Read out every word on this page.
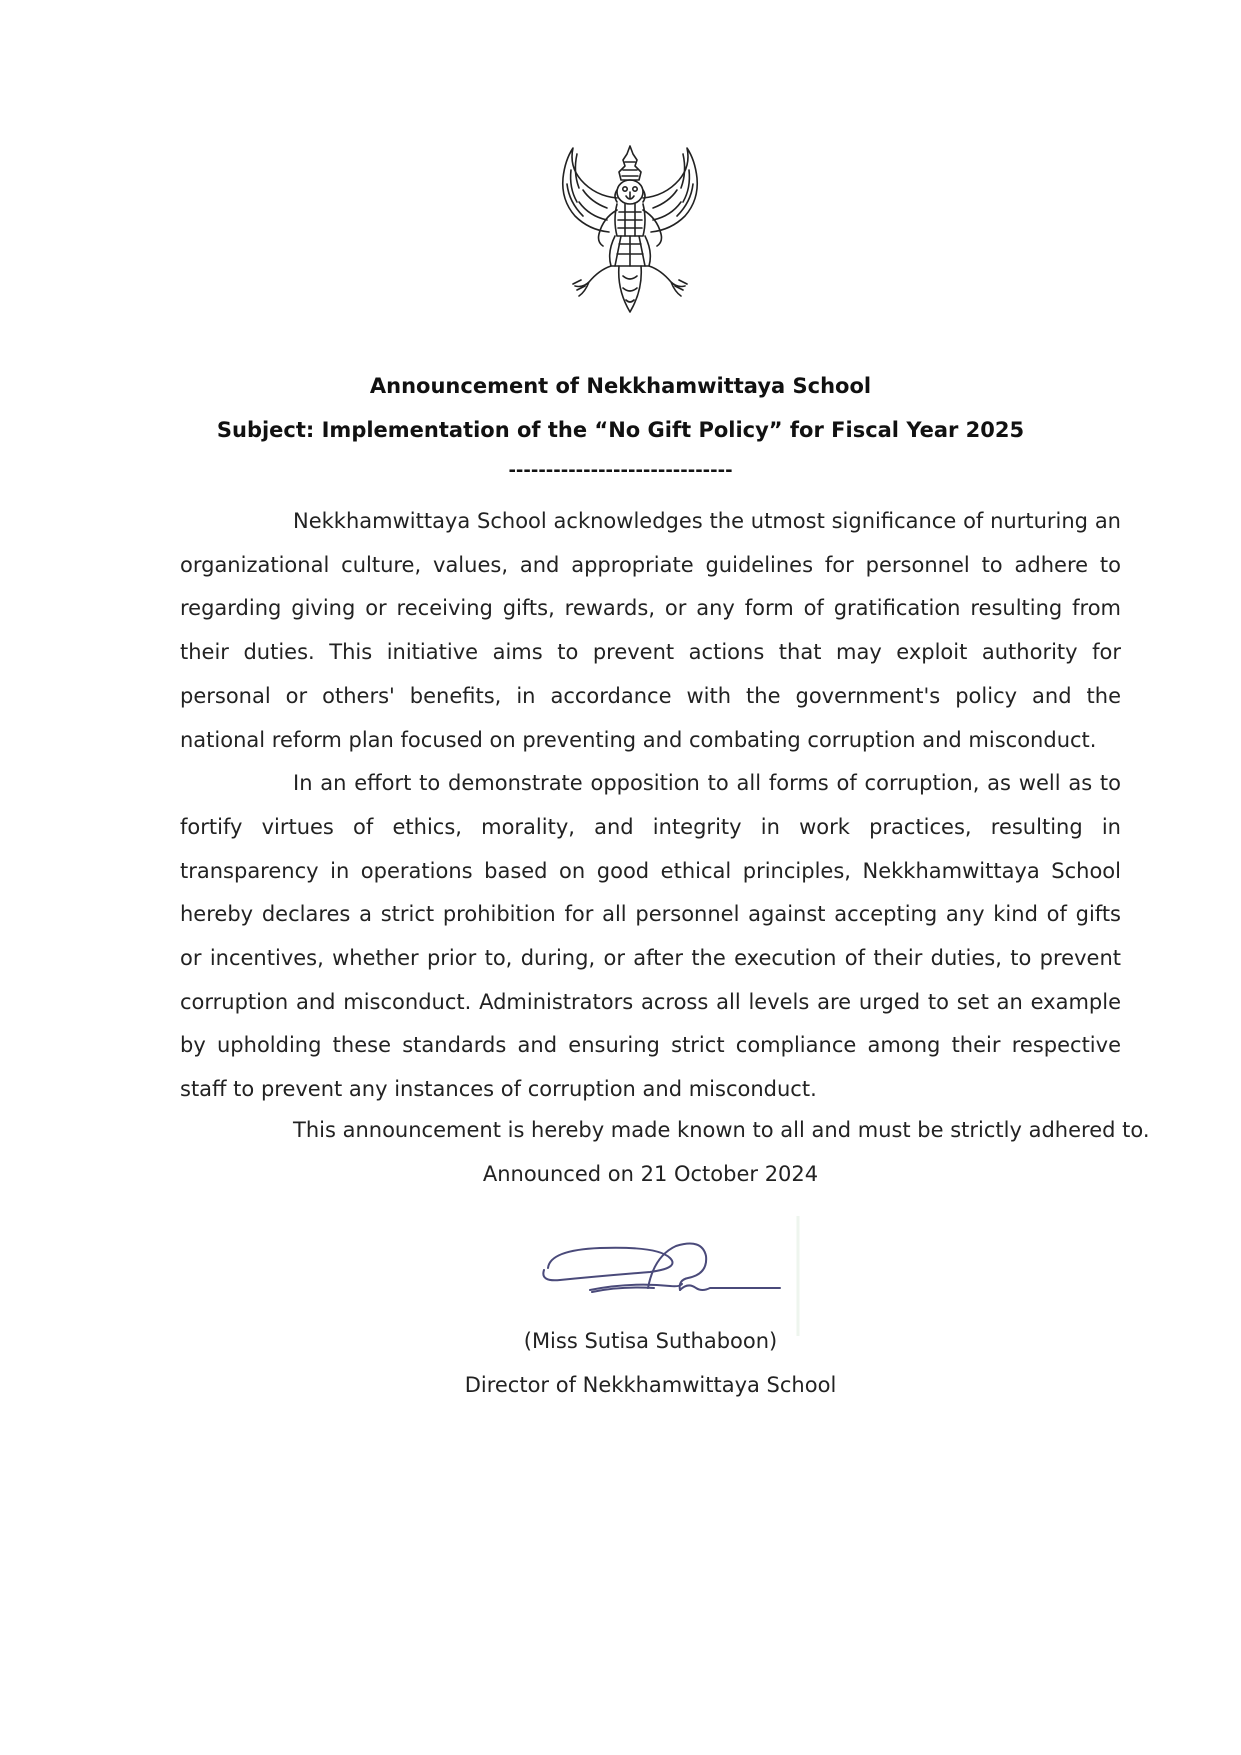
Announcement of Nekkhamwittaya School
Subject: Implementation of the “No Gift Policy” for Fiscal Year 2025
------------------------------

Nekkhamwittaya School acknowledges the utmost significance of nurturing an organizational culture, values, and appropriate guidelines for personnel to adhere to regarding giving or receiving gifts, rewards, or any form of gratification resulting from their duties. This initiative aims to prevent actions that may exploit authority for personal or others' benefits, in accordance with the government's policy and the national reform plan focused on preventing and combating corruption and misconduct.

In an effort to demonstrate opposition to all forms of corruption, as well as to fortify virtues of ethics, morality, and integrity in work practices, resulting in transparency in operations based on good ethical principles, Nekkhamwittaya School hereby declares a strict prohibition for all personnel against accepting any kind of gifts or incentives, whether prior to, during, or after the execution of their duties, to prevent corruption and misconduct. Administrators across all levels are urged to set an example by upholding these standards and ensuring strict compliance among their respective staff to prevent any instances of corruption and misconduct.

This announcement is hereby made known to all and must be strictly adhered to.

Announced on 21 October 2024

(Miss Sutisa Suthaboon)
Director of Nekkhamwittaya School
